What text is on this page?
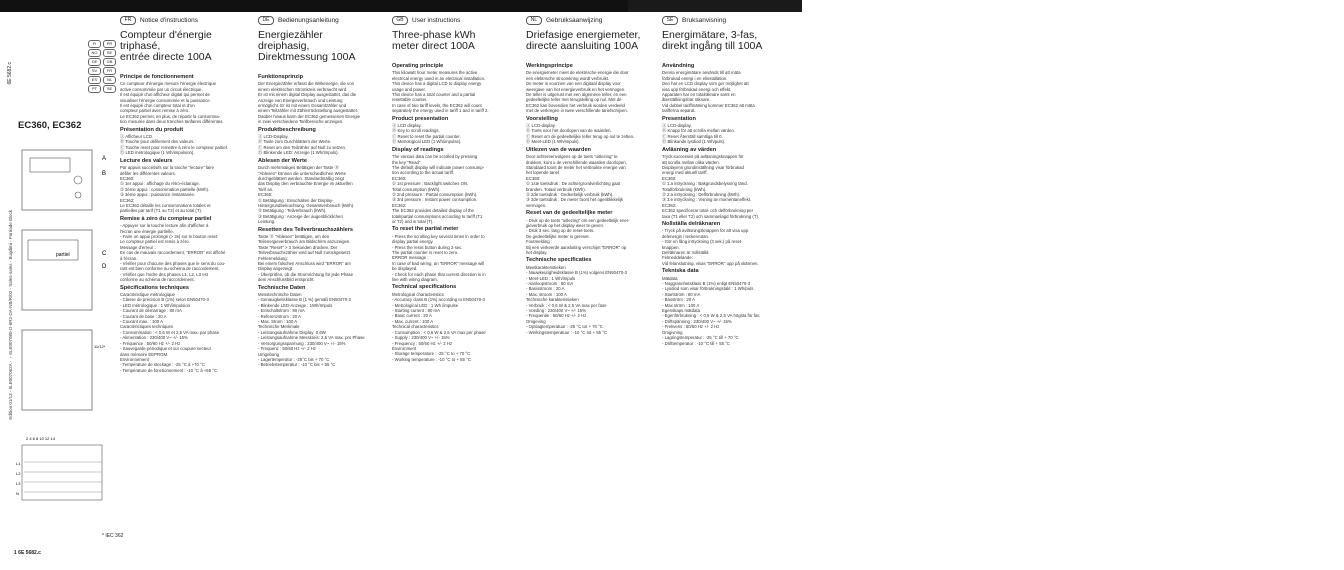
hager
FR	Notice d'instructions	DE	Bedienungsanleitung	GB	User instructions	NL	Gebruiksaanwijzing	SE	Bruksanvisning
6E 5682.c
Edition 01/13 - 6LE007062A - ÷6LE007080-D-6R2-DA-NB/R/02 - Sales-sales - Bugdimi - Parriade Block
FI	PR
NO	SE
DE	GB
SV	FR
ES	NL
PT	SE
EC360, EC362
A
B
C
D
partiel
11/12*
2 4 6 8 10 12 14
L1
L2
L3
N
* IEC 362
1 6E 5682.c
Compteur d'énergie
triphasé,
entrée directe 100A
Principe de fonctionnement

Ce compteur d'énergie mesure l'énergie électrique
active consommée par un circuit électrique.
Il est équipé d'un afficheur digital qui permet de
visualiser l'énergie consommée et la puissance.
Il est équipé d'un compteur total et d'un
compteur partiel avec remise à zéro.
Le EC362 permet, en plus, de répartir la consomma-
tion mesurée dans deux tranches tarifaires différentes.

Présentation du produit

Ⓐ Afficheur LCD.
Ⓑ Touche pour défilement des valeurs.
Ⓒ Touche reset pour remettre à zéro le compteur partiel.
Ⓓ LED métrologique (1 Wh/impulsion).

Lecture des valeurs

Par appuis successifs sur la touche "lecture" faire
défiler les différentes valeurs.
EC360:
① 1er appui : affichage du rétro-éclairage.
② 2ème appui : consommation partielle (kWh).
③ 3ème appui : puissance instantanée.
EC362:
Le EC362 détaille les consommations totales et
partielles par tarif (T1 ou T2) et au total (T).

Remise à zéro du compteur partiel

- Appuyer sur la touche lecture afin d'afficher à
l'écran une énergie partielle.
- Faire un appui prolongé (> 3s) sur le bouton reset.
Le compteur partiel est remis à zéro.
Message d'erreur :
En cas de mauvais raccordement, "ERROR" est affiché
à l'écran.
- Vérifier pour chacune des phases que le sens du cou-
rant est bien conforme au schéma de raccordement.
- Vérifier que l'ordre des phases L1, L2, L3 est
conforme au schéma de raccordement.

Spécifications techniques

Caractéristique métrologique
- Classe de précision B (1%) selon EN50470-3
- LED métrologique : 1 Wh/impulsion
- Courant de démarrage : 80 mA
- Courant de base : 20 A
- Courant max. : 100 A
Caractéristiques techniques
- Consommation : < 0,6 W et 2,5 VA max. par phase
- Alimentation : 230/400 V~ +/- 15%
- Fréquence : 50/60 Hz +/- 2 Hz
- Sauvegarde périodique et sur coupure secteur
dans mémoire EEPROM.
Environnement
- Température de stockage : -25 °C à +70 °C
- Température de fonctionnement : -10 °C à +55 °C

Energiezähler
dreiphasig,
Direktmessung 100A
Funktionsprinzip

Der Energiezähler erfasst die Wirkenergie, die von
einem elektrischen Stromkreis verbraucht wird.
Er ist mit einem digital Display ausgestattet, das die
Anzeige von Energieverbrauch und Leistung
ermöglicht. Er ist mit einem Gesamtzähler und
einem Teilzähler mit Zählerrückstellung ausgestattet.
Daüber hinaus kann der EC362 gemessenen Energie
in zwei verschiedene Tarifbereiche anzeigen.

Produktbeschreibung

Ⓐ LCD-Display.
Ⓑ Taste zum Durchblättern der Werte.
Ⓒ Reset um den Teilzähler auf Null zu setzen.
Ⓓ Blinkende LED: Anzeige (1 Wh/Impuls).

Ablesen der Werte

Durch mehrmaliges Betätigen der Taste Ⓑ
"Ablesen" können die unterschiedlichen Werte
durchgeblättert werden. Standardmäßig zeigt
das Display den verbrauchte Energie im aktuellen
Tarif an.
EC360:
① Betätigung : Einschalten der Display-
Hintergrundbeleuchtung. Gesamtverbrauch (kWh).
② Betätigung : Teilverbrauch (kWh).
③ Betätigung : Anzeige der augenblicklichen
Leistung.

Resetten des Teilverbrauchszählers

Taste Ⓑ "Ablesen" betätigen, um den
Teilenergieverbrauch am Bildschirm anzuzeigen.
Taste "Reset" > 3 Sekunden drücken. Der
Teilverbrauchszähler wird auf Null zurückgesetzt.
Fehlermeldung:
Bei einem falschen Anschluss wird "ERROR" am
Display angezeigt.
- Überprüfen, ob die Stromrichtung für jede Phase
dem Anschlussbild entspricht.

Technische Daten

Messtechnische Daten
- Genauigkeitsklasse B (1 %) gemäß EN50470-3
- Blinkende LED-Anzeige : 1Wh/Impuls
- Einschaltstrom : 80 mA
- Referenzstrom : 20 A
- Max. Strom : 100 A
Technische Merkmale
- Leistungsaufnahme Display: 0,6W
- Leistungsaufnahme Messkreis: 2,5 VA max. pro Phase
- Versorgungsspannung : 230/400 V~ +/- 15%
- Frequenz : 50/60 Hz +/- 2 Hz
Umgebung
- Lagertemperatur : -25°C bis + 70 °C
- Betriebstemperatur : -10 °C bis + 55 °C

Three-phase kWh
meter direct 100A
Operating principle

This kilowatt hour meter measures the active
electrical energy used in an electrical installation.
This device has a digital LCD to display energy
usage and power.
This device has a total counter and a partial
resettable counter.
In case of two tariff levels, the EC362 will count
separately the energy used in tariff 1 and in tariff 2.

Product presentation

Ⓐ LCD display.
Ⓑ Key to scroll readings.
Ⓒ Reset to reset the partial counter.
Ⓓ Metrological LED (1 Wh/impulse).

Display of readings

The various data can be scrolled by pressing
the key "Read".
The default display will indicate power consump-
tion according to the actual tariff.
EC360:
① 1st pressure : Backlight switches ON.
Total consumption (kWh).
② 2nd pressure : Partial consumption (kWh).
③ 3rd pressure : Instant power consumption.
EC362:
The EC362 provides detailed display of the
total/partial consumptions according to tariff (T1
or T2) and in total (T).

To reset the partial meter

- Press the scrolling key several times in order to
display partial energy.
- Press the reset button during 3 sec.
The partial counter is reset to zero.
ERROR message :
In case of bad wiring, an "ERROR" message will
be displayed.
- Check for each phase that current direction is in
line with wiring diagram.

Technical specifications

Metrological characteristics
- Accuracy class B (1%) according to EN50470-3
- Metrological LED : 1 Wh /impulse
- Starting current : 80 mA
- Basic current : 20 A
- Max. current : 100 A
Technical characteristics
- Consumption : < 0,6 W & 2,5 VA max per phase
- Supply : 230/400 V~ +/- 15%
- Frequency : 50/60 Hz +/- 2 Hz
Environment
- Storage temperature : -25 °C to + 70 °C
- Working temperature : -10 °C to + 55 °C

Driefasige energiemeter,
directe aansluiting 100A
Werkingsprincipe

De energiemeter meet de elektrische energie die door
een elektrische stroomkring wordt verbruikt.
De meter is voorzien van een digitaal display voor
weergave van het energieverbruik en het vermogen.
De teller is uitgerust met een algemene teller, en een
gedeeltelijke teller met terugstelling op nul. Met de
EC362 kan bovendien het verbruik worden verdeeld
met de verkregen in twee verschillende tariefschijven.

Voorstelling

Ⓐ LCD-display.
Ⓑ Toets voor het doorlopen van de waarden.
Ⓒ Reset om de gedeeltelijke teller terug op nul te zetten.
Ⓓ Meet-LED (1 Wh/impuls).

Uitlezen van de waarden

Door achtereenvolgens op de toets "uitlezing" te
drukken, kunt u de verschillende waarden doorlopen.
Standaard toont de meter het verbruikte energie van
het lopende tarief.
EC360:
① 1ste toetsdruk : De achtergrondverlichting gaat
branden. Totaal verbruik (kWh).
② 2de toetsdruk : Gedeeltelijk verbruik (kWh).
③ 3de toetsdruk : De meter toont het ogenblikkelijk
vermogen.

Reset van de gedeeltelijke meter

- Druk op de toets "uitlezing" om een gedeeltelijk ener-
gieverbruik op het display weer te geven.
- Druk 3 sec. lang op de reset-toets.
De gedeeltelijke meter is gereset.
Foutmelding :
Bij een verkeerde aansluiting verschijnt "ERROR" op
het display.

Technische specificaties

Meetkarakteristieken
- Nauwkeurigheidsklasse B (1%) volgens EN50470-3
- Meet-LED : 1 Wh/impuls
- Aanloopstroom : 80 mA
- Basisstroom : 20 A
- Max. stroom : 100 A
Technische karakteristieken
- Verbruik : < 0,6 W & 2,5 VA max per fase
- Voeding : 230/400 V~ +/- 15%
- Frequentie : 50/60 Hz +/- 2 Hz
Omgeving
- Opslagtemperatuur : -25 °C tot + 70 °C
- Werkingstemperatuur : -10 °C tot + 55 °C

Energimätare, 3-fas,
direkt ingång till 100A
Användning

Denna energimätare används till att mäta
förbrukad energi i en elinstallation.
Den har en LCD display som ger möjlighet att
visa upp förbrukad energi och effekt.
Apparaten har en totalräknare samt en
återställningsbar räknare.
Vid dubbel tariffmätning kommer EC362 att mäta
tarifferna separat.

Presentation

Ⓐ LCD-display.
Ⓑ Knapp för att scrolla mellan värden.
Ⓒ Reset Återställ samtliga till 0.
Ⓓ Blinkande lysdiod (1 Wh/puls).

Avläsning av värden

Tryck successivt på avläsningsknappen för
att scrolla mellan olika värden.
Displayens grundinställning visar förbrukad
energi med aktuell tariff.
EC360:
① 1:a intryckning : Bakgrundsbelysning tänd.
Totalförbrukning (kWh).
② 2:a intryckning : Delförbrukning (kWh).
③ 3:e intryckning : Visning av momentaneffekt.
EC362:
EC362 specificerar total- och delförbrukning per
taxa (T1 eller T2) och sammanlagd förbrukning (T).

Nollställa delräknaren

- Tryck på avläsningsknappen för att visa upp
delenergin i teckenrutan.
- Gör en lång intryckning (3 sek.) på reset-
knappen.
Delräknaren är nollställd.
Felmeddelande:
Vid felanslutning, visas "ERROR" upp på skärmen.

Tekniska data

Mätdata
- Noggrannhetsklass B (1%) enligt EN50470-3
- Lysdiod som visar förbrukningstakt : 1 Wh/puls
- Startström : 80 mA
- Basström : 20 A
- Max ström : 100 A
Egenskaps mätdata
- Egenförbrukning : < 0,6 W & 2,5 VA högsta för fas
- Driftspänning : 230/400 V~ +/- 15%
- Frekvens : 50/60 Hz +/- 2 Hz
Omgivning
- Lagringstemperatur : -25 °C till + 70 °C
- Drifttemperatur : -10 °C till + 55 °C
